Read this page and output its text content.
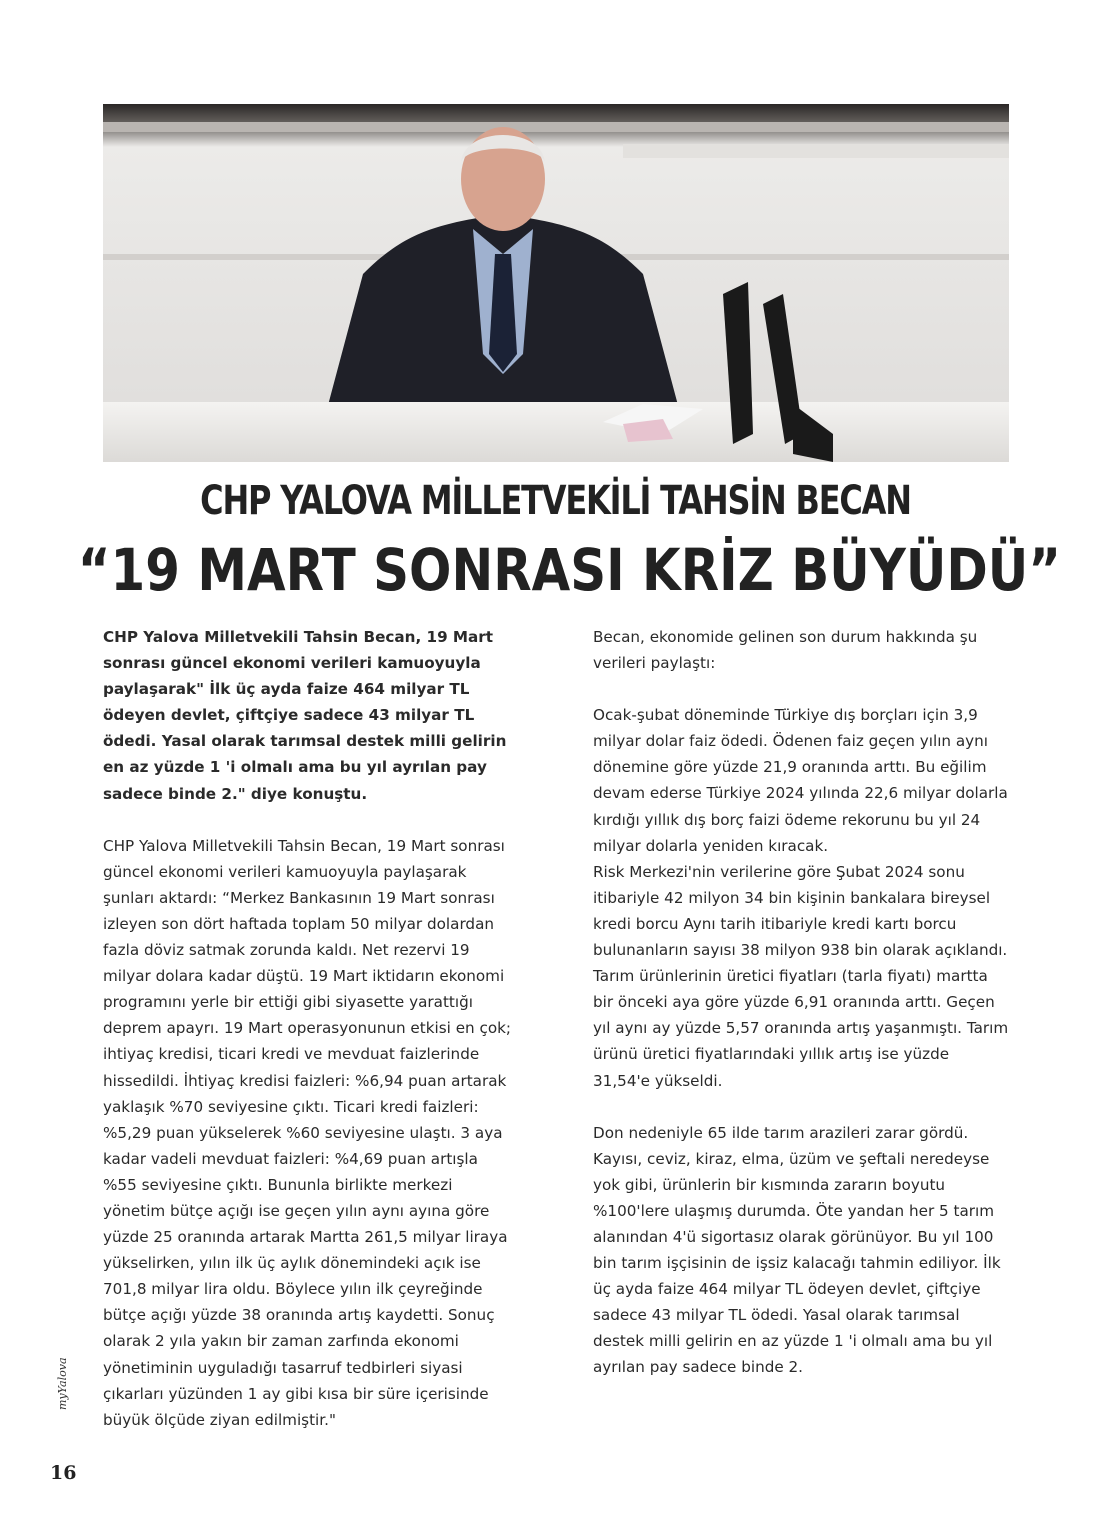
CHP YALOVA MİLLETVEKİLİ TAHSİN BECAN
“19 MART SONRASI KRİZ BÜYÜDÜ”

CHP Yalova Milletvekili Tahsin Becan, 19 Mart sonrası güncel ekonomi verileri kamuoyuyla paylaşarak" İlk üç ayda faize 464 milyar TL ödeyen devlet, çiftçiye sadece 43 milyar TL ödedi. Yasal olarak tarımsal destek milli gelirin en az yüzde 1 'i olmalı ama bu yıl ayrılan pay sadece binde 2." diye konuştu.

CHP Yalova Milletvekili Tahsin Becan, 19 Mart sonrası güncel ekonomi verileri kamuoyuyla paylaşarak şunları aktardı: “Merkez Bankasının 19 Mart sonrası izleyen son dört haftada toplam 50 milyar dolardan fazla döviz satmak zorunda kaldı. Net rezervi 19 milyar dolara kadar düştü. 19 Mart iktidarın ekonomi programını yerle bir ettiği gibi siyasette yarattığı deprem apayrı. 19 Mart operasyonunun etkisi en çok; ihtiyaç kredisi, ticari kredi ve mevduat faizlerinde hissedildi. İhtiyaç kredisi faizleri: %6,94 puan artarak yaklaşık %70 seviyesine çıktı. Ticari kredi faizleri: %5,29 puan yükselerek %60 seviyesine ulaştı. 3 aya kadar vadeli mevduat faizleri: %4,69 puan artışla %55 seviyesine çıktı. Bununla birlikte merkezi yönetim bütçe açığı ise geçen yılın aynı ayına göre yüzde 25 oranında artarak Martta 261,5 milyar liraya yükselirken, yılın ilk üç aylık dönemindeki açık ise 701,8 milyar lira oldu. Böylece yılın ilk çeyreğinde bütçe açığı yüzde 38 oranında artış kaydetti. Sonuç olarak 2 yıla yakın bir zaman zarfında ekonomi yönetiminin uyguladığı tasarruf tedbirleri siyasi çıkarları yüzünden 1 ay gibi kısa bir süre içerisinde büyük ölçüde ziyan edilmiştir."

Becan, ekonomide gelinen son durum hakkında şu verileri paylaştı:

Ocak-şubat döneminde Türkiye dış borçları için 3,9 milyar dolar faiz ödedi. Ödenen faiz geçen yılın aynı dönemine göre yüzde 21,9 oranında arttı. Bu eğilim devam ederse Türkiye 2024 yılında 22,6 milyar dolarla kırdığı yıllık dış borç faizi ödeme rekorunu bu yıl 24 milyar dolarla yeniden kıracak.

Risk Merkezi'nin verilerine göre Şubat 2024 sonu itibariyle 42 milyon 34 bin kişinin bankalara bireysel kredi borcu Aynı tarih itibariyle kredi kartı borcu bulunanların sayısı 38 milyon 938 bin olarak açıklandı. Tarım ürünlerinin üretici fiyatları (tarla fiyatı) martta bir önceki aya göre yüzde 6,91 oranında arttı. Geçen yıl aynı ay yüzde 5,57 oranında artış yaşanmıştı. Tarım ürünü üretici fiyatlarındaki yıllık artış ise yüzde 31,54'e yükseldi.

Don nedeniyle 65 ilde tarım arazileri zarar gördü. Kayısı, ceviz, kiraz, elma, üzüm ve şeftali neredeyse yok gibi, ürünlerin bir kısmında zararın boyutu %100'lere ulaşmış durumda. Öte yandan her 5 tarım alanından 4'ü sigortasız olarak görünüyor. Bu yıl 100 bin tarım işçisinin de işsiz kalacağı tahmin ediliyor. İlk üç ayda faize 464 milyar TL ödeyen devlet, çiftçiye sadece 43 milyar TL ödedi. Yasal olarak tarımsal destek milli gelirin en az yüzde 1 'i olmalı ama bu yıl ayrılan pay sadece binde 2.

myYalova
16
